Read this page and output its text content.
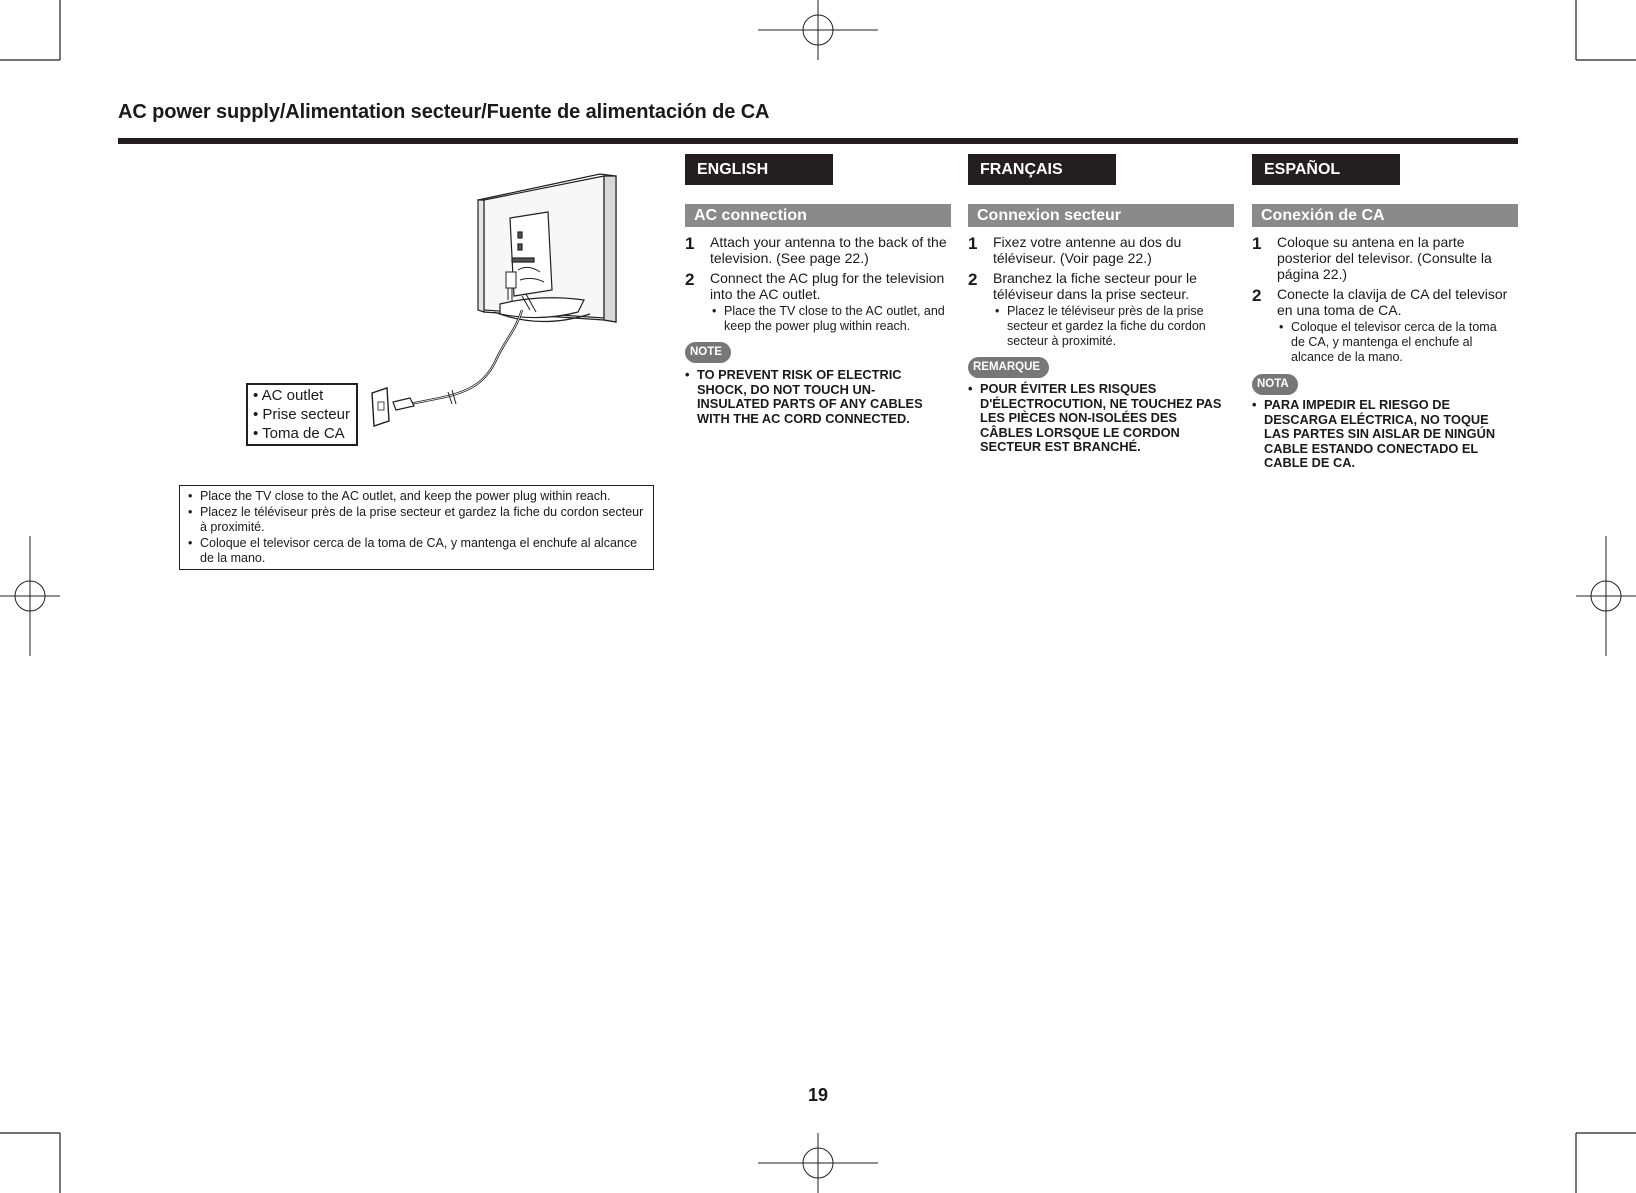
AC power supply/Alimentation secteur/Fuente de alimentación de CA
• AC outlet
• Prise secteur
• Toma de CA
• Place the TV close to the AC outlet, and keep the power plug within reach.
• Placez le téléviseur près de la prise secteur et gardez la fiche du cordon secteur à proximité.
• Coloque el televisor cerca de la toma de CA, y mantenga el enchufe al alcance de la mano.
ENGLISH
AC connection
1	Attach your antenna to the back of the television. (See page 22.)
2	Connect the AC plug for the television into the AC outlet.
• Place the TV close to the AC outlet, and keep the power plug within reach.
NOTE
• TO PREVENT RISK OF ELECTRIC SHOCK, DO NOT TOUCH UN-INSULATED PARTS OF ANY CABLES WITH THE AC CORD CONNECTED.
FRANÇAIS
Connexion secteur
1	Fixez votre antenne au dos du téléviseur. (Voir page 22.)
2	Branchez la fiche secteur pour le téléviseur dans la prise secteur.
• Placez le téléviseur près de la prise secteur et gardez la fiche du cordon secteur à proximité.
REMARQUE
• POUR ÉVITER LES RISQUES D'ÉLECTROCUTION, NE TOUCHEZ PAS LES PIÈCES NON-ISOLÉES DES CÂBLES LORSQUE LE CORDON SECTEUR EST BRANCHÉ.
ESPAÑOL
Conexión de CA
1	Coloque su antena en la parte posterior del televisor. (Consulte la página 22.)
2	Conecte la clavija de CA del televisor en una toma de CA.
• Coloque el televisor cerca de la toma de CA, y mantenga el enchufe al alcance de la mano.
NOTA
• PARA IMPEDIR EL RIESGO DE DESCARGA ELÉCTRICA, NO TOQUE LAS PARTES SIN AISLAR DE NINGÚN CABLE ESTANDO CONECTADO EL CABLE DE CA.
19
